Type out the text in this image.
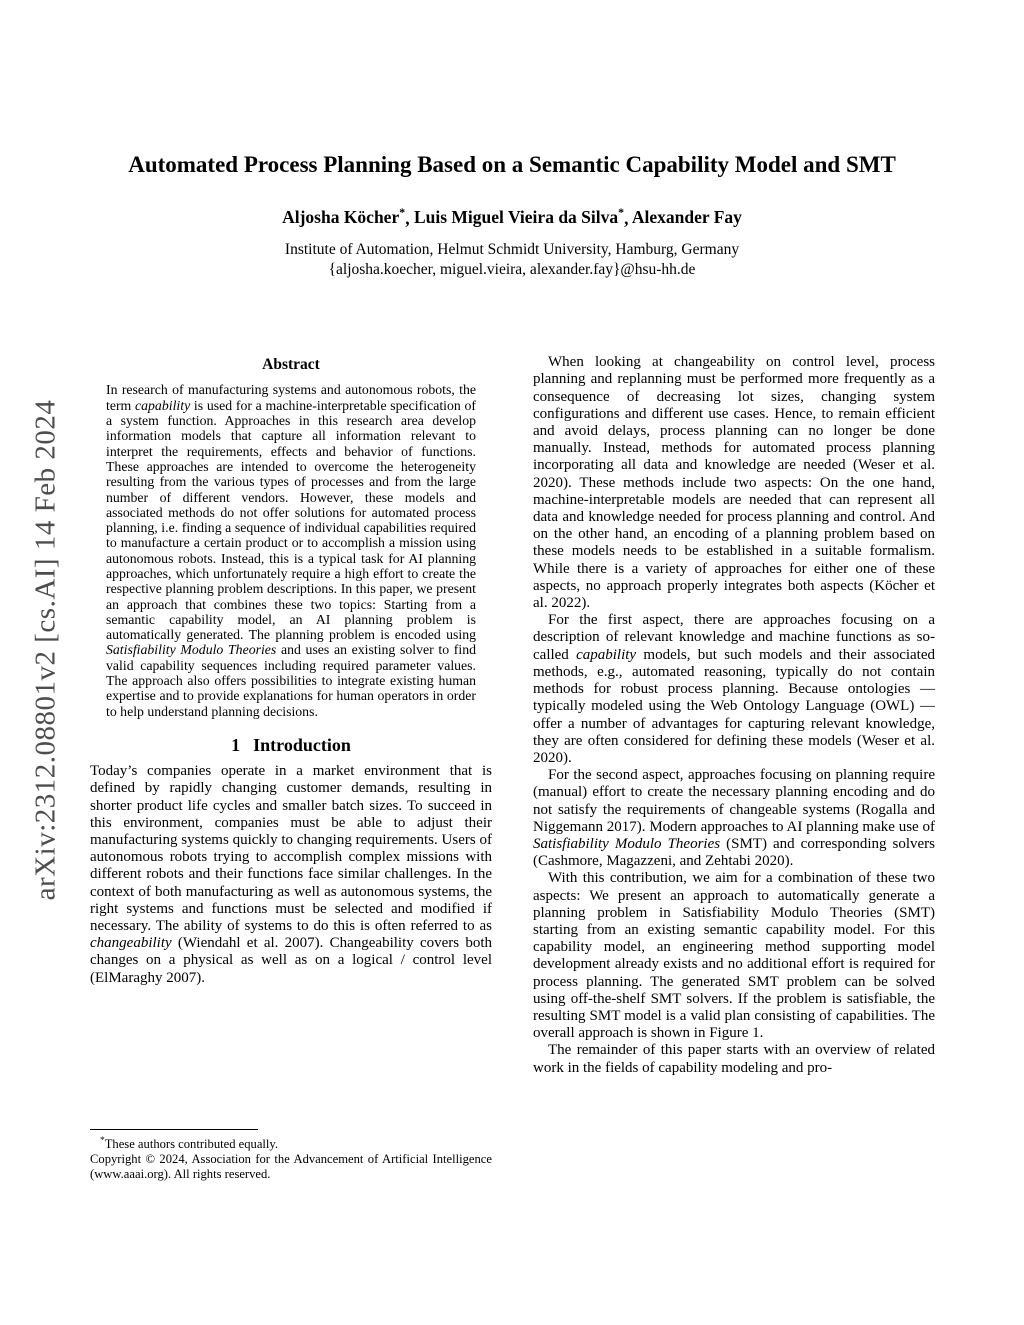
arXiv:2312.08801v2 [cs.AI] 14 Feb 2024
Automated Process Planning Based on a Semantic Capability Model and SMT
Aljosha Köcher*, Luis Miguel Vieira da Silva*, Alexander Fay
Institute of Automation, Helmut Schmidt University, Hamburg, Germany
{aljosha.koecher, miguel.vieira, alexander.fay}@hsu-hh.de
Abstract
In research of manufacturing systems and autonomous robots, the term capability is used for a machine-interpretable specification of a system function. Approaches in this research area develop information models that capture all information relevant to interpret the requirements, effects and behavior of functions. These approaches are intended to overcome the heterogeneity resulting from the various types of processes and from the large number of different vendors. However, these models and associated methods do not offer solutions for automated process planning, i.e. finding a sequence of individual capabilities required to manufacture a certain product or to accomplish a mission using autonomous robots. Instead, this is a typical task for AI planning approaches, which unfortunately require a high effort to create the respective planning problem descriptions. In this paper, we present an approach that combines these two topics: Starting from a semantic capability model, an AI planning problem is automatically generated. The planning problem is encoded using Satisfiability Modulo Theories and uses an existing solver to find valid capability sequences including required parameter values. The approach also offers possibilities to integrate existing human expertise and to provide explanations for human operators in order to help understand planning decisions.
1 Introduction

Today’s companies operate in a market environment that is defined by rapidly changing customer demands, resulting in shorter product life cycles and smaller batch sizes. To succeed in this environment, companies must be able to adjust their manufacturing systems quickly to changing requirements. Users of autonomous robots trying to accomplish complex missions with different robots and their functions face similar challenges. In the context of both manufacturing as well as autonomous systems, the right systems and functions must be selected and modified if necessary. The ability of systems to do this is often referred to as changeability (Wiendahl et al. 2007). Changeability covers both changes on a physical as well as on a logical / control level (ElMaraghy 2007).

*These authors contributed equally.

Copyright © 2024, Association for the Advancement of Artificial Intelligence (www.aaai.org). All rights reserved.

When looking at changeability on control level, process planning and replanning must be performed more frequently as a consequence of decreasing lot sizes, changing system configurations and different use cases. Hence, to remain efficient and avoid delays, process planning can no longer be done manually. Instead, methods for automated process planning incorporating all data and knowledge are needed (Weser et al. 2020). These methods include two aspects: On the one hand, machine-interpretable models are needed that can represent all data and knowledge needed for process planning and control. And on the other hand, an encoding of a planning problem based on these models needs to be established in a suitable formalism. While there is a variety of approaches for either one of these aspects, no approach properly integrates both aspects (Köcher et al. 2022).

For the first aspect, there are approaches focusing on a description of relevant knowledge and machine functions as so-called capability models, but such models and their associated methods, e.g., automated reasoning, typically do not contain methods for robust process planning. Because ontologies — typically modeled using the Web Ontology Language (OWL) — offer a number of advantages for capturing relevant knowledge, they are often considered for defining these models (Weser et al. 2020).

For the second aspect, approaches focusing on planning require (manual) effort to create the necessary planning encoding and do not satisfy the requirements of changeable systems (Rogalla and Niggemann 2017). Modern approaches to AI planning make use of Satisfiability Modulo Theories (SMT) and corresponding solvers (Cashmore, Magazzeni, and Zehtabi 2020).

With this contribution, we aim for a combination of these two aspects: We present an approach to automatically generate a planning problem in Satisfiability Modulo Theories (SMT) starting from an existing semantic capability model. For this capability model, an engineering method supporting model development already exists and no additional effort is required for process planning. The generated SMT problem can be solved using off-the-shelf SMT solvers. If the problem is satisfiable, the resulting SMT model is a valid plan consisting of capabilities. The overall approach is shown in Figure 1.

The remainder of this paper starts with an overview of related work in the fields of capability modeling and pro-
